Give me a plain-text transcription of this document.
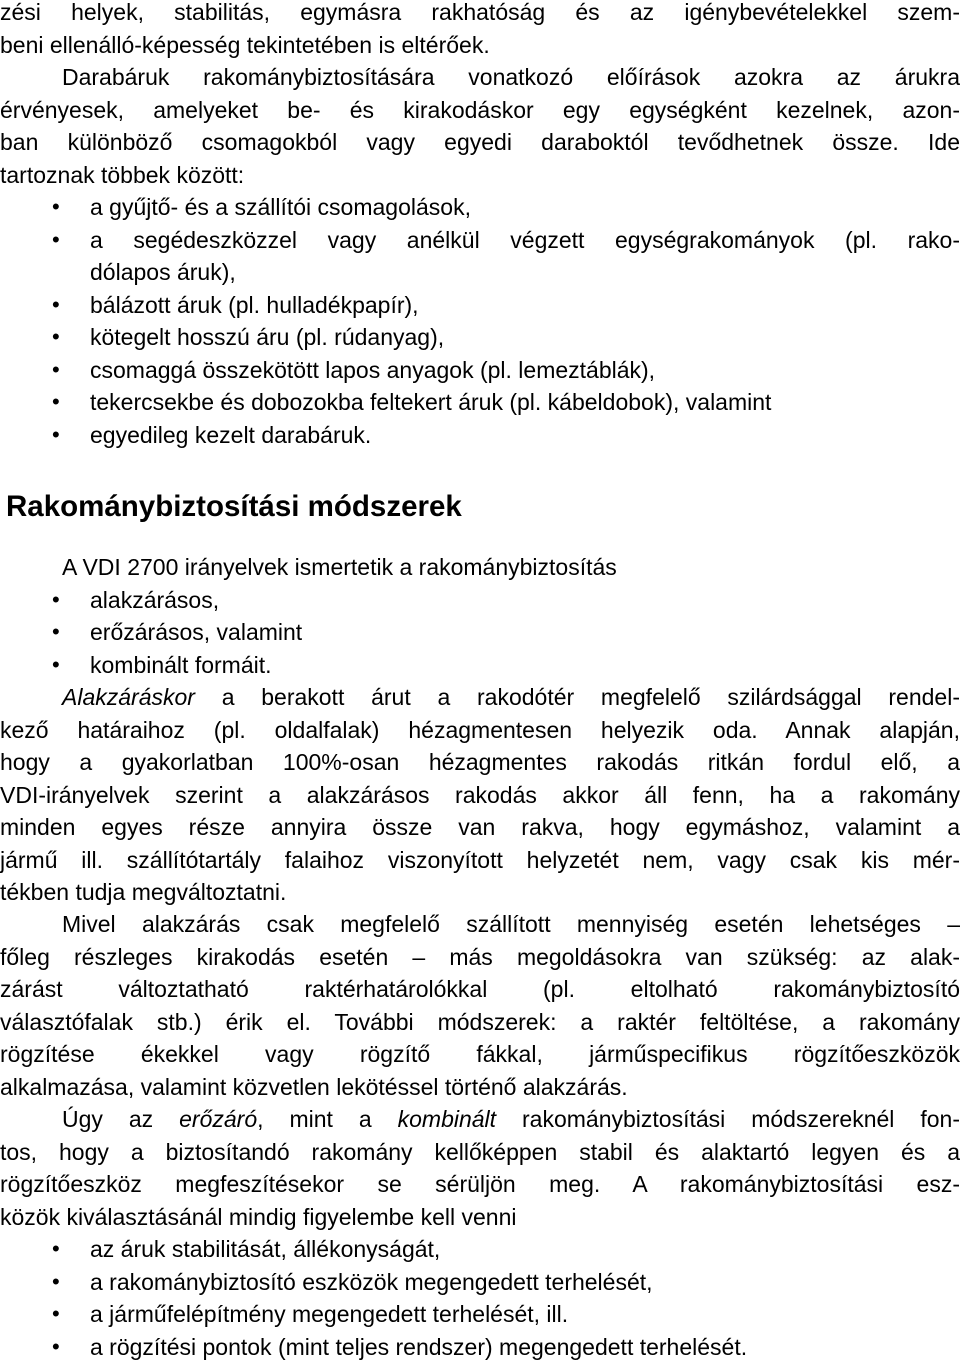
zési helyek, stabilitás, egymásra rakhatóság és az igénybevételekkel szem-
beni ellenálló-képesség tekintetében is eltérőek.
Darabáruk rakománybiztosítására vonatkozó előírások azokra az árukra
érvényesek, amelyeket be- és kirakodáskor egy egységként kezelnek, azon-
ban különböző csomagokból vagy egyedi daraboktól tevődhetnek össze. Ide
tartoznak többek között:
•	a gyűjtő- és a szállítói csomagolások,
•	a segédeszközzel vagy anélkül végzett egységrakományok (pl. rako-
dólapos áruk),
•	bálázott áruk (pl. hulladékpapír),
•	kötegelt hosszú áru (pl. rúdanyag),
•	csomaggá összekötött lapos anyagok (pl. lemeztáblák),
•	tekercsekbe és dobozokba feltekert áruk (pl. kábeldobok), valamint
•	egyedileg kezelt darabáruk.
Rakománybiztosítási módszerek
A VDI 2700 irányelvek ismertetik a rakománybiztosítás
•	alakzárásos,
•	erőzárásos, valamint
•	kombinált formáit.
Alakzáráskor a berakott árut a rakodótér megfelelő szilárdsággal rendel-
kező határaihoz (pl. oldalfalak) hézagmentesen helyezik oda. Annak alapján,
hogy a gyakorlatban 100%-osan hézagmentes rakodás ritkán fordul elő, a
VDI-irányelvek szerint a alakzárásos rakodás akkor áll fenn, ha a rakomány
minden egyes része annyira össze van rakva, hogy egymáshoz, valamint a
jármű ill. szállítótartály falaihoz viszonyított helyzetét nem, vagy csak kis mér-
tékben tudja megváltoztatni.
Mivel alakzárás csak megfelelő szállított mennyiség esetén lehetséges –
főleg részleges kirakodás esetén – más megoldásokra van szükség: az alak-
zárást változtatható raktérhatárolókkal (pl. eltolható rakománybiztosító
választófalak stb.) érik el. További módszerek: a raktér feltöltése, a rakomány
rögzítése ékekkel vagy rögzítő fákkal, járműspecifikus rögzítőeszközök
alkalmazása, valamint közvetlen lekötéssel történő alakzárás.
Úgy az erőzáró, mint a kombinált rakománybiztosítási módszereknél fon-
tos, hogy a biztosítandó rakomány kellőképpen stabil és alaktartó legyen és a
rögzítőeszköz megfeszítésekor se sérüljön meg. A rakománybiztosítási esz-
közök kiválasztásánál mindig figyelembe kell venni
•	az áruk stabilitását, állékonyságát,
•	a rakománybiztosító eszközök megengedett terhelését,
•	a járműfelépítmény megengedett terhelését, ill.
•	a rögzítési pontok (mint teljes rendszer) megengedett terhelését.
